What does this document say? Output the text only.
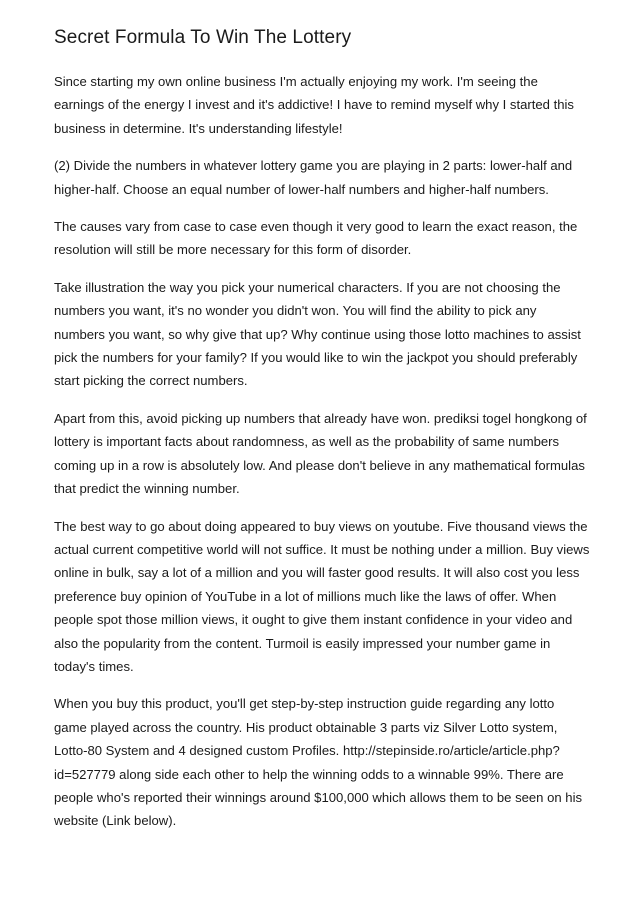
Secret Formula To Win The Lottery

Since starting my own online business I'm actually enjoying my work. I'm seeing the earnings of the energy I invest and it's addictive! I have to remind myself why I started this business in determine. It's understanding lifestyle!

(2) Divide the numbers in whatever lottery game you are playing in 2 parts: lower-half and higher-half. Choose an equal number of lower-half numbers and higher-half numbers.

The causes vary from case to case even though it very good to learn the exact reason, the resolution will still be more necessary for this form of disorder.

Take illustration the way you pick your numerical characters. If you are not choosing the numbers you want, it's no wonder you didn't won. You will find the ability to pick any numbers you want, so why give that up? Why continue using those lotto machines to assist pick the numbers for your family? If you would like to win the jackpot you should preferably start picking the correct numbers.

Apart from this, avoid picking up numbers that already have won. prediksi togel hongkong of lottery is important facts about randomness, as well as the probability of same numbers coming up in a row is absolutely low. And please don't believe in any mathematical formulas that predict the winning number.

The best way to go about doing appeared to buy views on youtube. Five thousand views the actual current competitive world will not suffice. It must be nothing under a million. Buy views online in bulk, say a lot of a million and you will faster good results. It will also cost you less preference buy opinion of YouTube in a lot of millions much like the laws of offer. When people spot those million views, it ought to give them instant confidence in your video and also the popularity from the content. Turmoil is easily impressed your number game in today's times.

When you buy this product, you'll get step-by-step instruction guide regarding any lotto game played across the country. His product obtainable 3 parts viz Silver Lotto system, Lotto-80 System and 4 designed custom Profiles. http://stepinside.ro/article/article.php?id=527779 along side each other to help the winning odds to a winnable 99%. There are people who's reported their winnings around $100,000 which allows them to be seen on his website (Link below).
